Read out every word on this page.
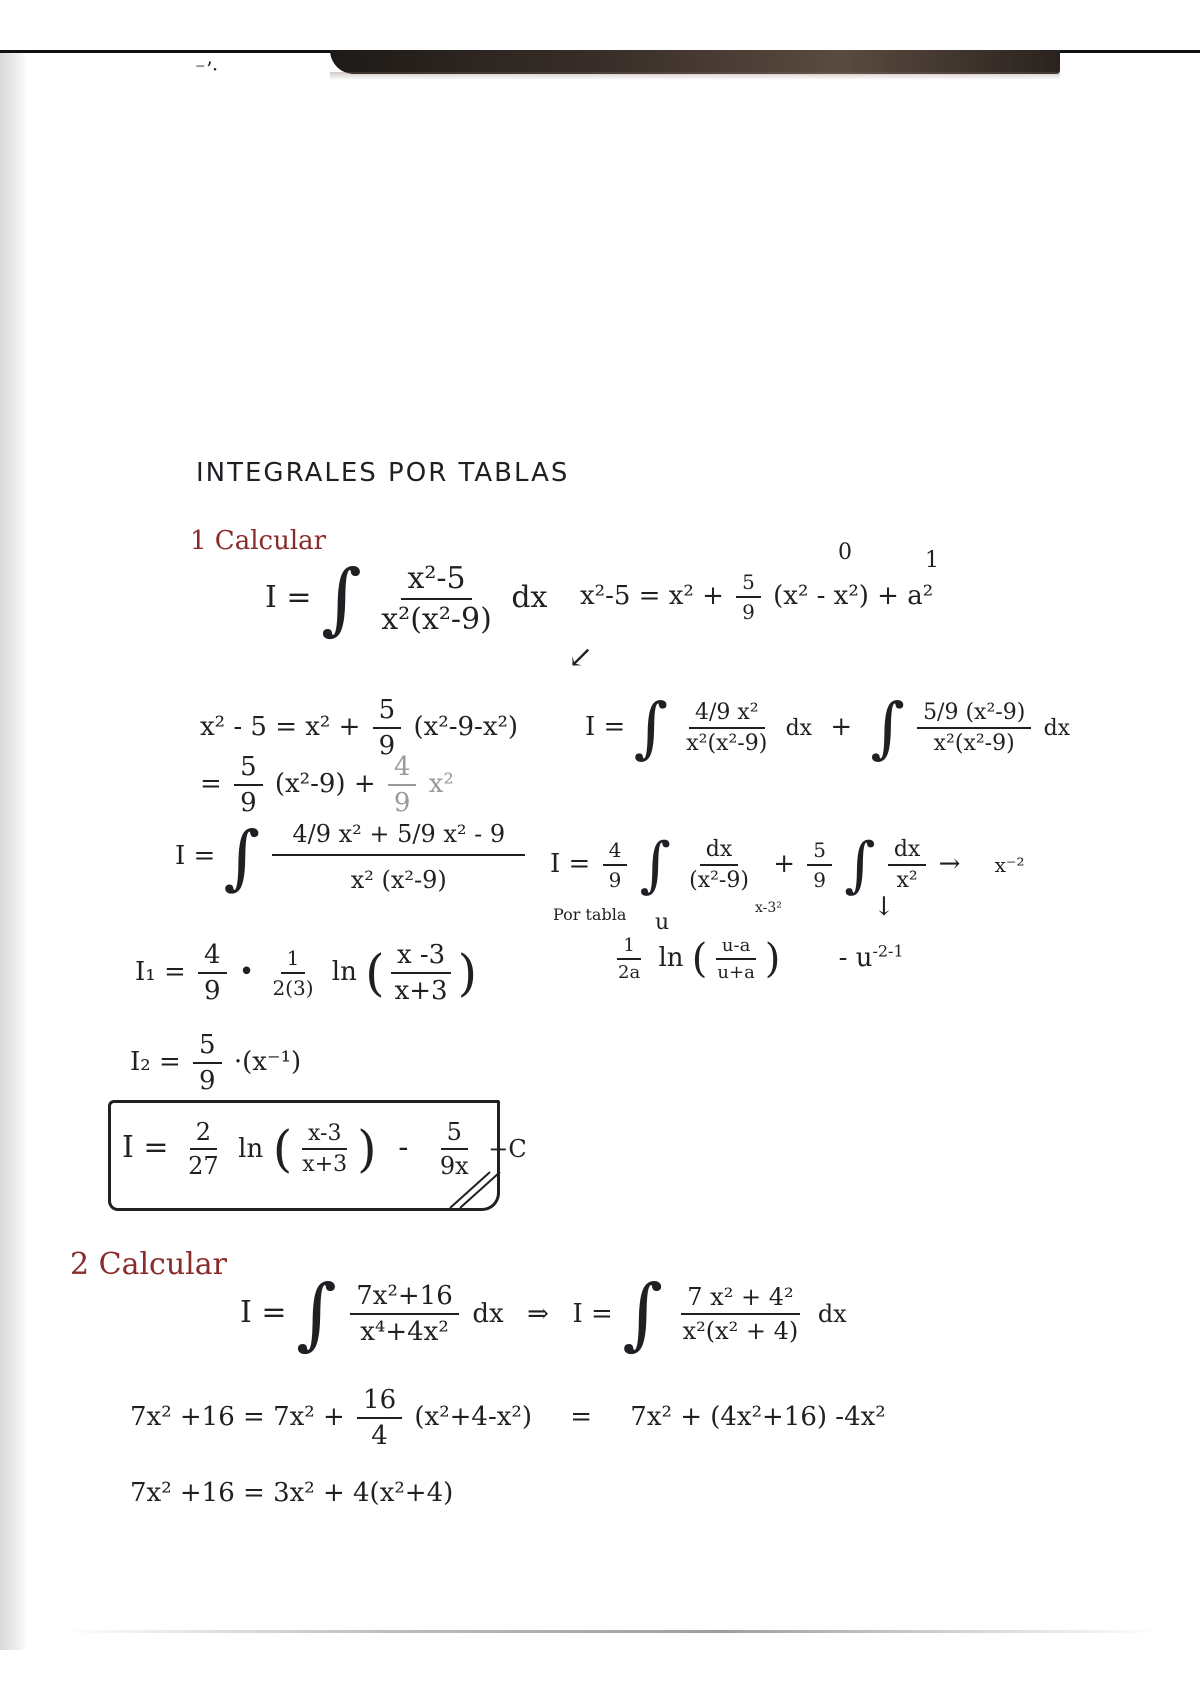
⁻ʼ·
INTEGRALES POR TABLAS
1 Calcular
I = ∫ $\frac{\text{x²-5}}{\text{x²(x²-9)}}$ dx $x^2-5 = x^2 + \frac{5}{9} (x^2 - x^2) + a^2$
0	1
↙
$x^2 - 5 = x^2 + \frac{5}{9} (x^2-9-x^2)$
= $\frac{5}{9} (x^2-9) + \frac{4}{9} x^2$
I = ∫ $\frac{\text{4/9 x²}}{\text{x²(x²-9)}}$ dx + ∫ $\frac{\text{5/9 (x²-9)}}{\text{x²(x²-9)}}$ dx
I = ∫ $\frac{\text{4/9 x² + 5/9 x² - 9}}{\text{x² (x²-9)}}$ $I = \frac{4}{9}$ ∫ $\frac{dx}{\text{(x²-9)}} + \frac{5}{9}$ ∫ $\frac{dx}{\text{x²}} \to x^{-2}$
x-3²
Por tabla u
↓
$\frac{1}{2a}$ ln ( $\frac{u-a}{u+a}$ ) - $u^{-2-1}$
$I_1 = \frac{4}{9}$ • $\frac{1}{2(3)}$ ln ( $\frac{x -3}{x+3}$ )
$I_2 = \frac{5}{9} \cdot(x^{-1})$
$I = \frac{2}{27}$ ln ( $\frac{x-3}{x+3}$ ) - $\frac{5}{9x} +C$
2 Calcular
I = ∫ $\frac{\text{7x²+16}}{\text{x⁴+4x²}}$ dx ⇒ I = ∫ $\frac{\text{7 x² + 4²}}{\text{x²(x² + 4)}}$ dx
$7x^2 +16 = 7x^2 + \frac{16}{4} (x^2+4-x^2) = 7x^2 + (4x^2+16)$ -4x²
7x² +16 = 3x² + 4(x²+4)
